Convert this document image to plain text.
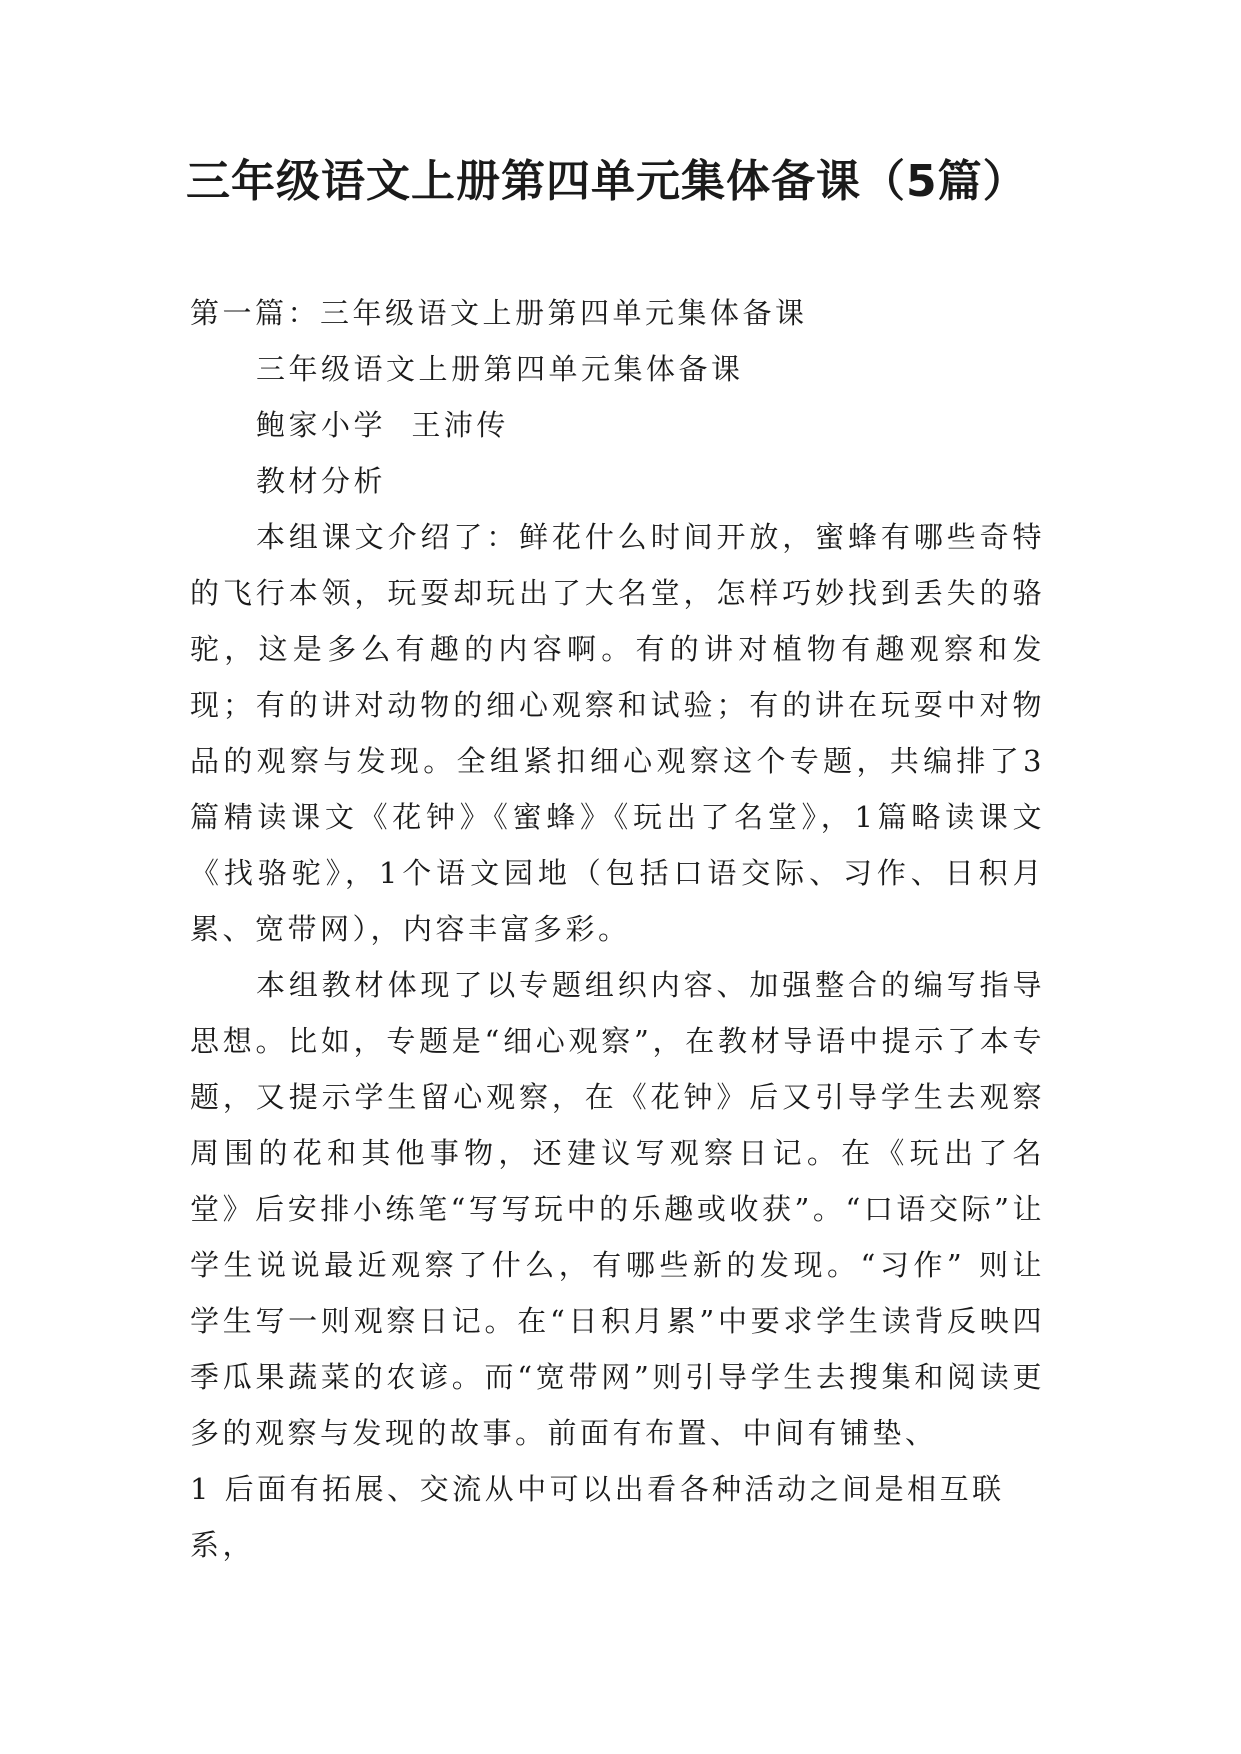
三年级语文上册第四单元集体备课（5篇）

第一篇：三年级语文上册第四单元集体备课

三年级语文上册第四单元集体备课

鲍家小学  王沛传

教材分析

本组课文介绍了：鲜花什么时间开放，蜜蜂有哪些奇特的飞行本领，玩耍却玩出了大名堂，怎样巧妙找到丢失的骆驼，这是多么有趣的内容啊。有的讲对植物有趣观察和发现；有的讲对动物的细心观察和试验；有的讲在玩耍中对物品的观察与发现。全组紧扣细心观察这个专题，共编排了3篇精读课文《花钟》《蜜蜂》《玩出了名堂》，1篇略读课文《找骆驼》，1个语文园地（包括口语交际、习作、日积月累、宽带网），内容丰富多彩。

本组教材体现了以专题组织内容、加强整合的编写指导思想。比如，专题是“细心观察”，在教材导语中提示了本专题，又提示学生留心观察，在《花钟》后又引导学生去观察周围的花和其他事物，还建议写观察日记。在《玩出了名堂》后安排小练笔“写写玩中的乐趣或收获”。“口语交际”让学生说说最近观察了什么，有哪些新的发现。“习作” 则让学生写一则观察日记。在“日积月累”中要求学生读背反映四季瓜果蔬菜的农谚。而“宽带网”则引导学生去搜集和阅读更多的观察与发现的故事。前面有布置、中间有铺垫、

1 后面有拓展、交流从中可以出看各种活动之间是相互联系，
